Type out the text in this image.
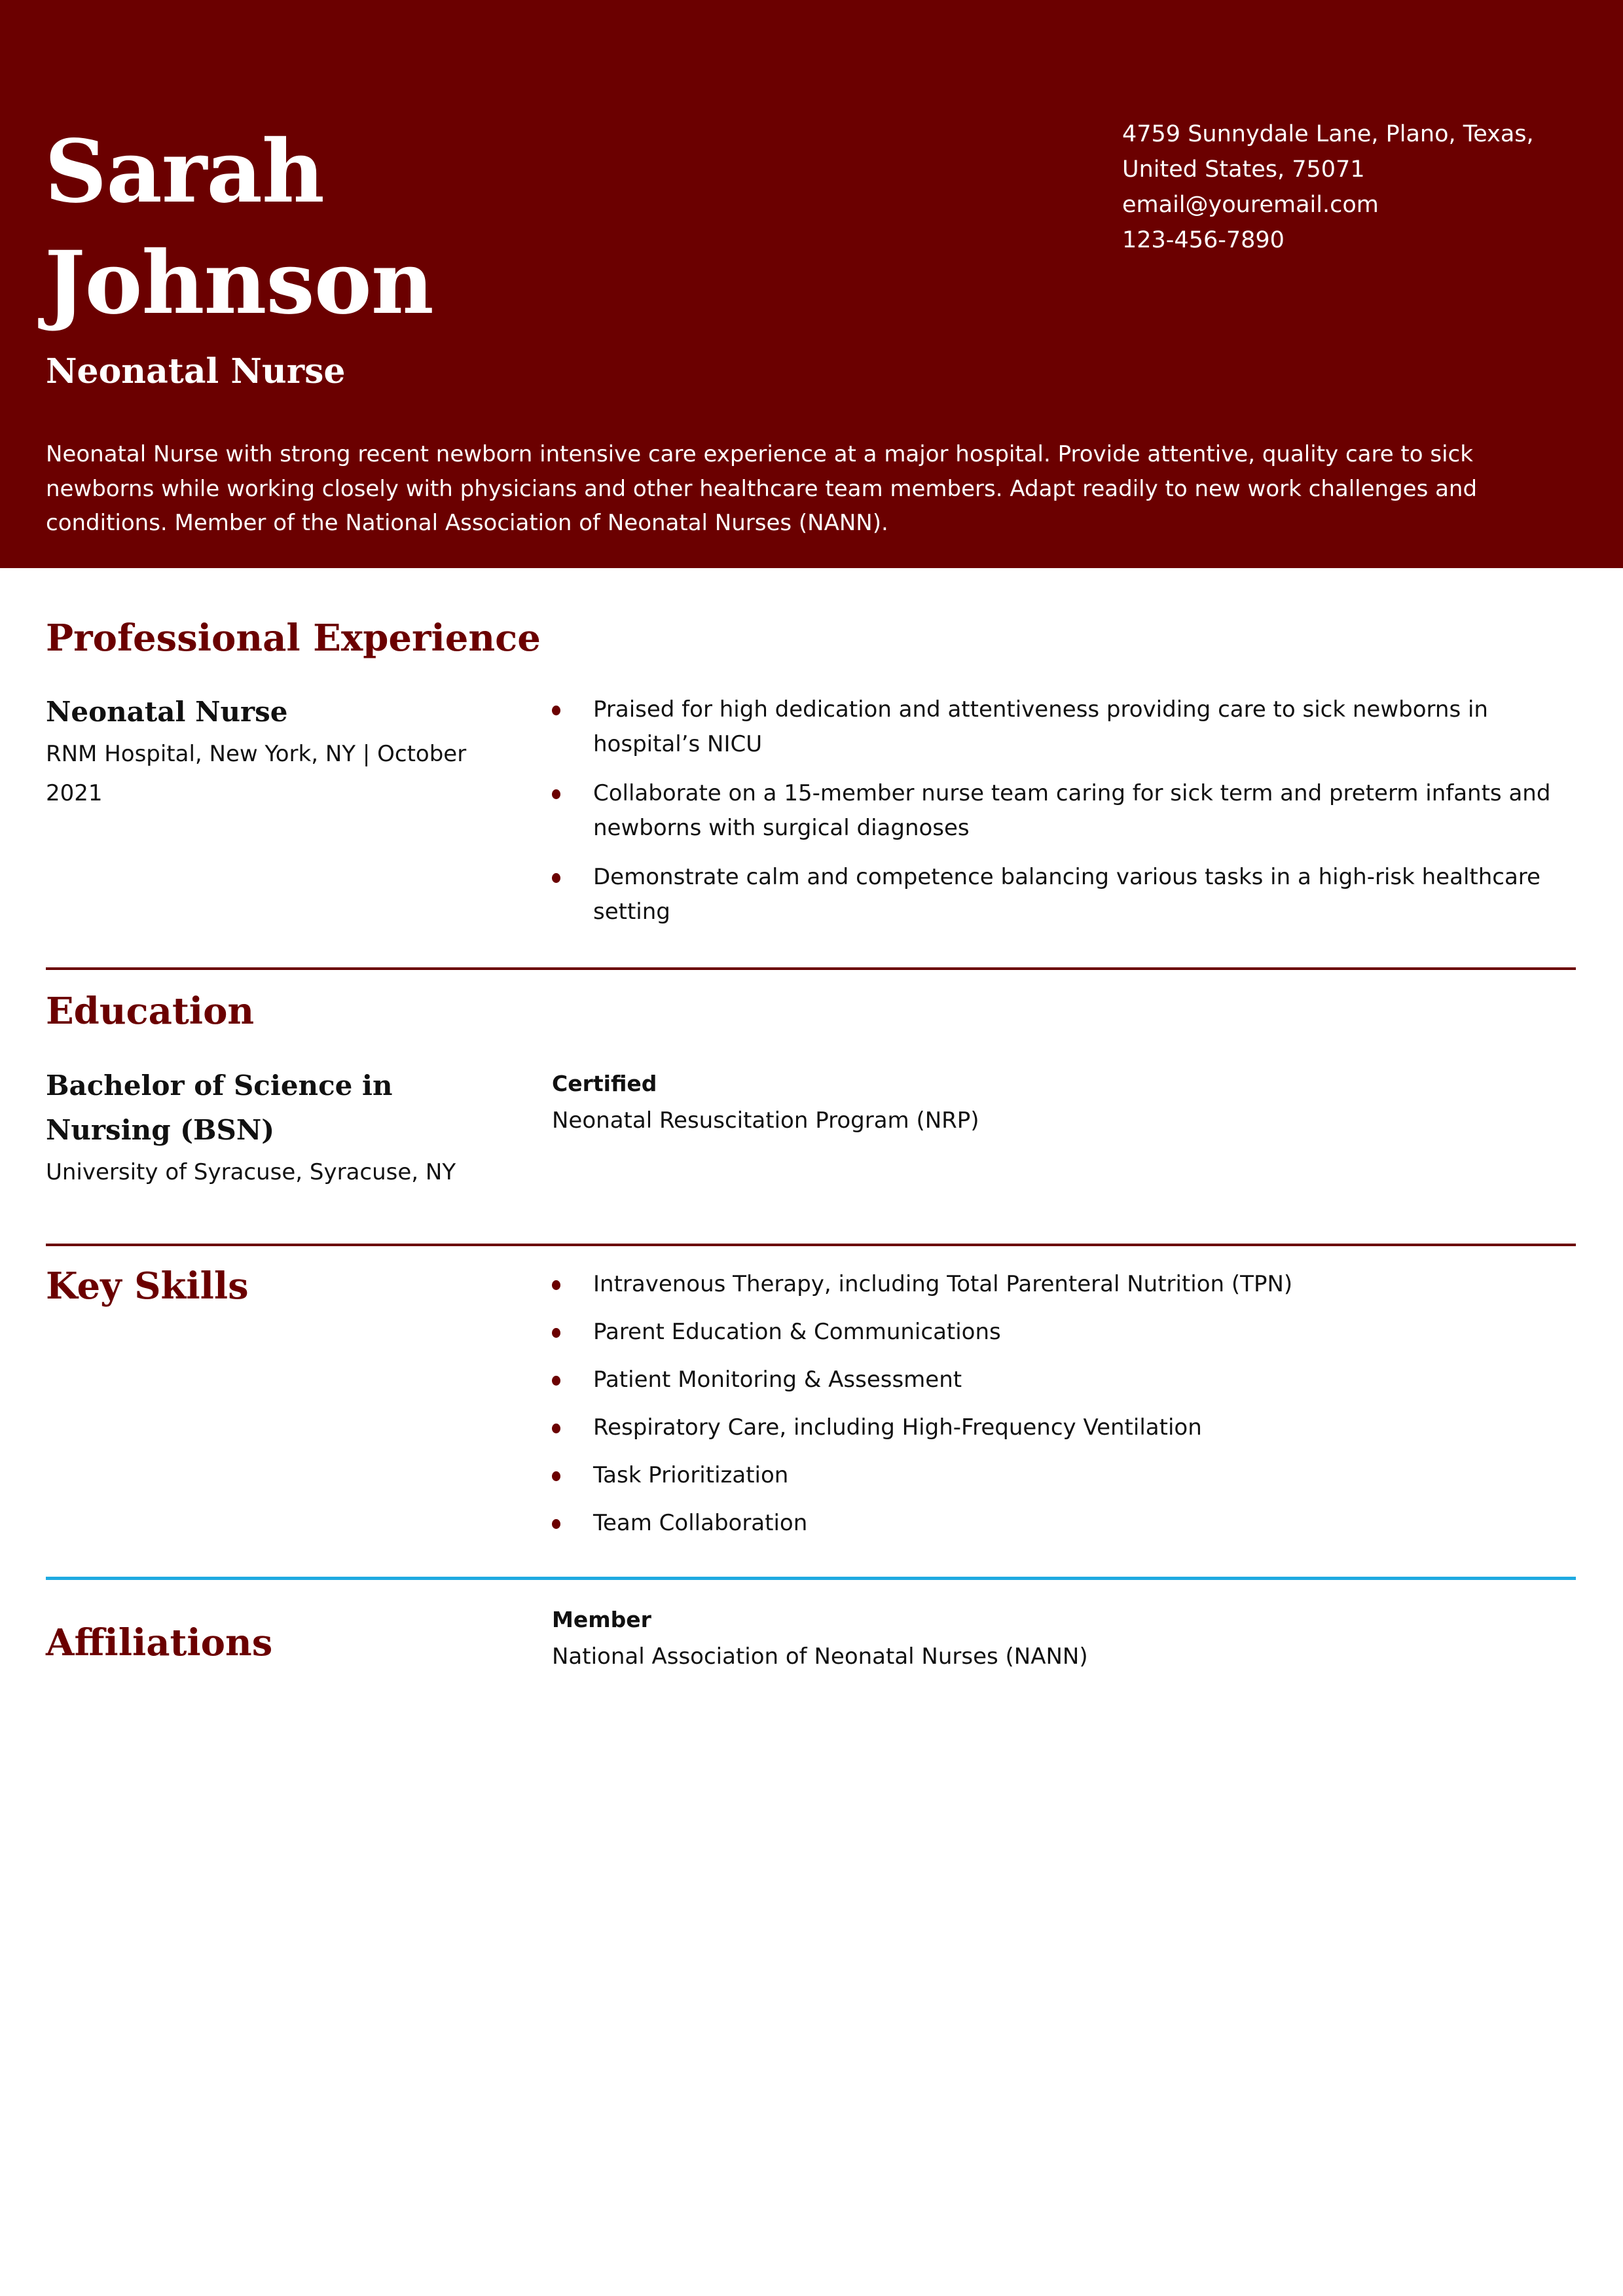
Sarah
Johnson
Neonatal Nurse
4759 Sunnydale Lane, Plano, Texas,
United States, 75071
email@youremail.com
123-456-7890

Neonatal Nurse with strong recent newborn intensive care experience at a major hospital. Provide attentive, quality care to sick newborns while working closely with physicians and other healthcare team members. Adapt readily to new work challenges and conditions. Member of the National Association of Neonatal Nurses (NANN).

Professional Experience
Neonatal Nurse
RNM Hospital, New York, NY | October 2021
Praised for high dedication and attentiveness providing care to sick newborns in hospital’s NICU
Collaborate on a 15-member nurse team caring for sick term and preterm infants and newborns with surgical diagnoses
Demonstrate calm and competence balancing various tasks in a high-risk healthcare setting
Education
Bachelor of Science in Nursing (BSN)
University of Syracuse, Syracuse, NY
Certified
Neonatal Resuscitation Program (NRP)
Key Skills	Intravenous Therapy, including Total Parenteral Nutrition (TPN)
Parent Education & Communications
Patient Monitoring & Assessment
Respiratory Care, including High-Frequency Ventilation
Task Prioritization
Team Collaboration
Affiliations
Member
National Association of Neonatal Nurses (NANN)
